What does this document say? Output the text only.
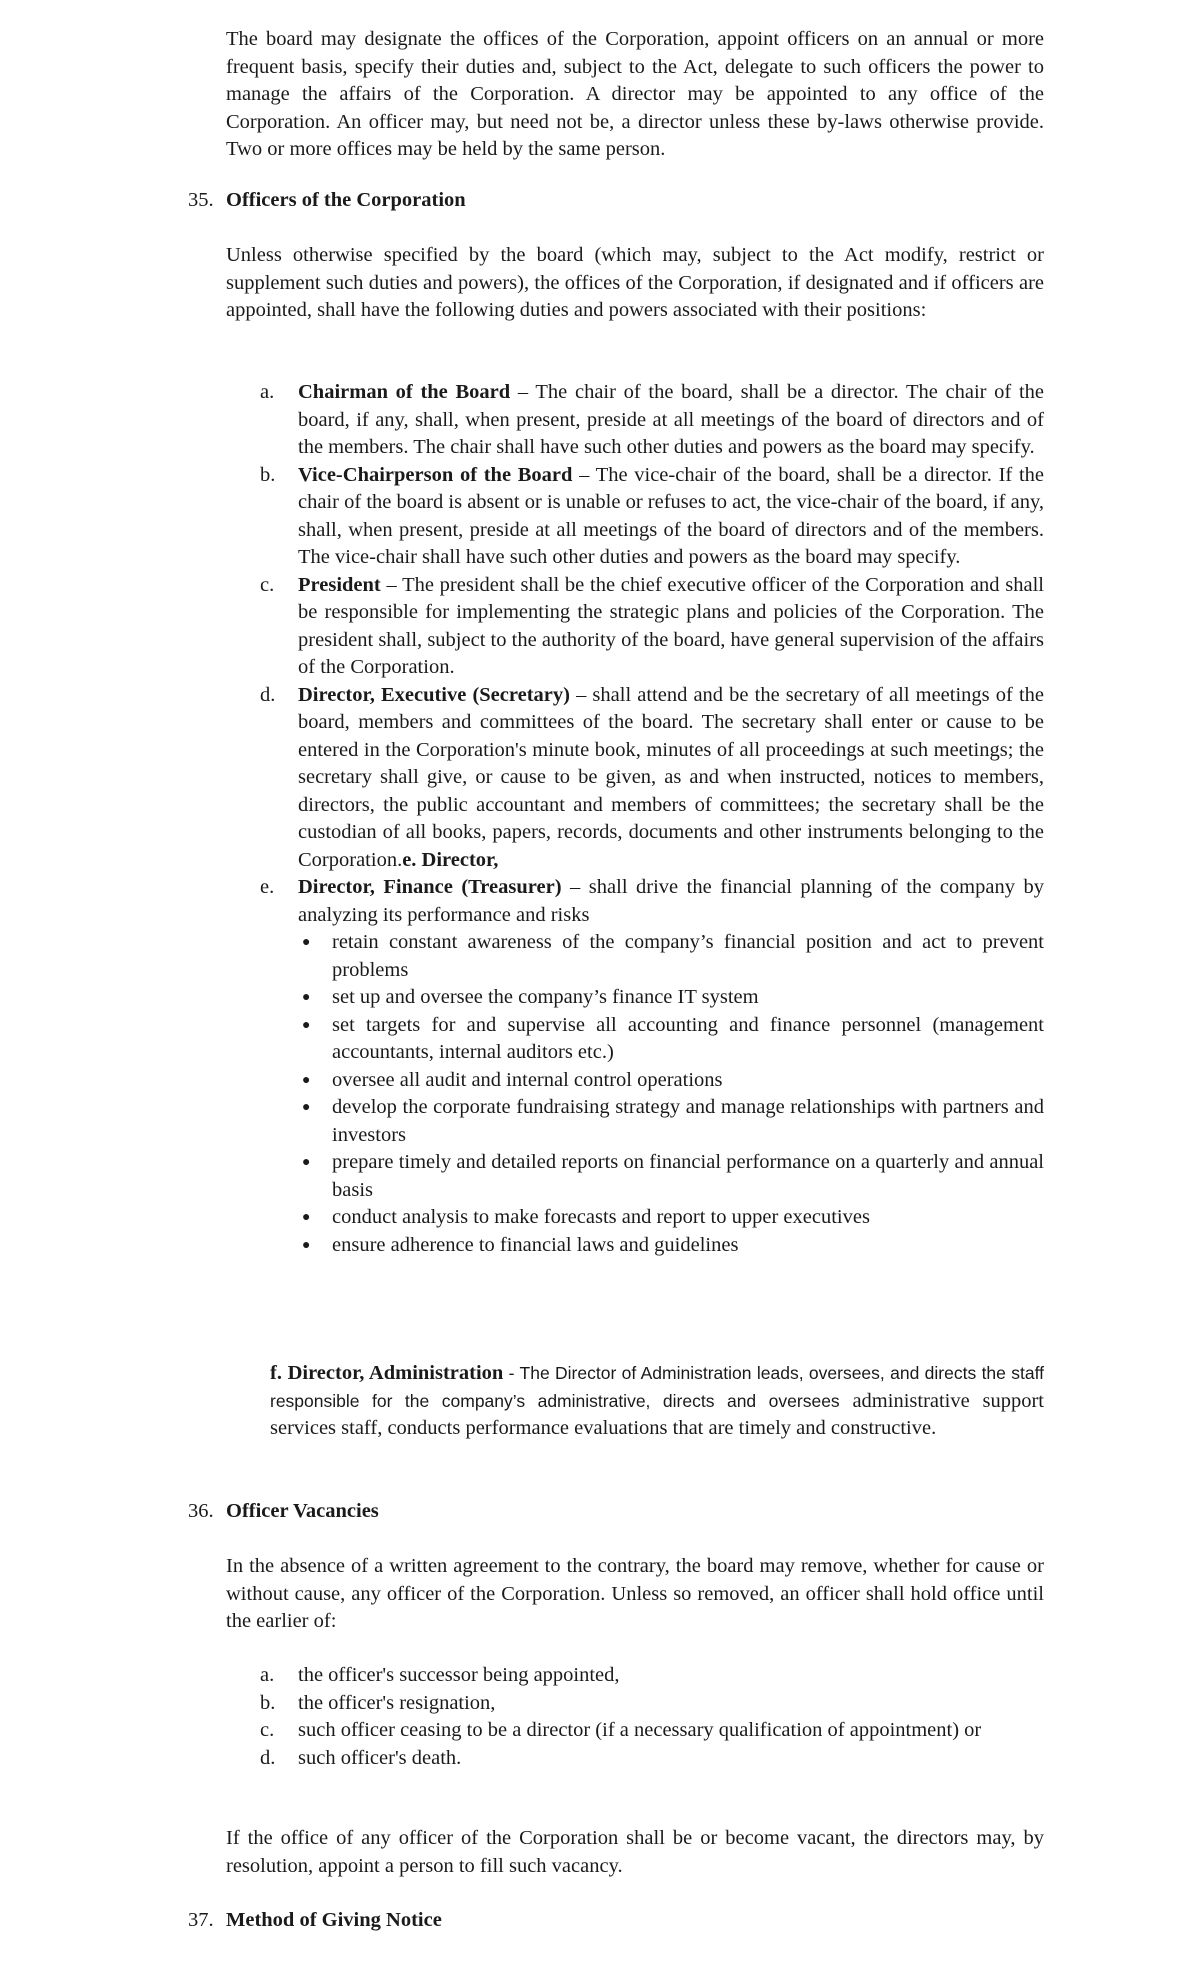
The board may designate the offices of the Corporation, appoint officers on an annual or more frequent basis, specify their duties and, subject to the Act, delegate to such officers the power to manage the affairs of the Corporation. A director may be appointed to any office of the Corporation. An officer may, but need not be, a director unless these by-laws otherwise provide. Two or more offices may be held by the same person.

35. Officers of the Corporation

Unless otherwise specified by the board (which may, subject to the Act modify, restrict or supplement such duties and powers), the offices of the Corporation, if designated and if officers are appointed, shall have the following duties and powers associated with their positions:

a. Chairman of the Board – The chair of the board, shall be a director. The chair of the board, if any, shall, when present, preside at all meetings of the board of directors and of the members. The chair shall have such other duties and powers as the board may specify.
b. Vice-Chairperson of the Board – The vice-chair of the board, shall be a director. If the chair of the board is absent or is unable or refuses to act, the vice-chair of the board, if any, shall, when present, preside at all meetings of the board of directors and of the members. The vice-chair shall have such other duties and powers as the board may specify.
c. President – The president shall be the chief executive officer of the Corporation and shall be responsible for implementing the strategic plans and policies of the Corporation. The president shall, subject to the authority of the board, have general supervision of the affairs of the Corporation.
d. Director, Executive (Secretary) – shall attend and be the secretary of all meetings of the board, members and committees of the board. The secretary shall enter or cause to be entered in the Corporation's minute book, minutes of all proceedings at such meetings; the secretary shall give, or cause to be given, as and when instructed, notices to members, directors, the public accountant and members of committees; the secretary shall be the custodian of all books, papers, records, documents and other instruments belonging to the Corporation.e. Director,
e. Director, Finance (Treasurer) – shall drive the financial planning of the company by analyzing its performance and risks
● retain constant awareness of the company’s financial position and act to prevent problems
● set up and oversee the company’s finance IT system
● set targets for and supervise all accounting and finance personnel (management accountants, internal auditors etc.)
● oversee all audit and internal control operations
● develop the corporate fundraising strategy and manage relationships with partners and investors
● prepare timely and detailed reports on financial performance on a quarterly and annual basis
● conduct analysis to make forecasts and report to upper executives
● ensure adherence to financial laws and guidelines

f. Director, Administration - The Director of Administration leads, oversees, and directs the staff responsible for the company’s administrative, directs and oversees administrative support services staff, conducts performance evaluations that are timely and constructive.

36. Officer Vacancies

In the absence of a written agreement to the contrary, the board may remove, whether for cause or without cause, any officer of the Corporation. Unless so removed, an officer shall hold office until the earlier of:

a. the officer's successor being appointed,
b. the officer's resignation,
c. such officer ceasing to be a director (if a necessary qualification of appointment) or
d. such officer's death.

If the office of any officer of the Corporation shall be or become vacant, the directors may, by resolution, appoint a person to fill such vacancy.

37. Method of Giving Notice
